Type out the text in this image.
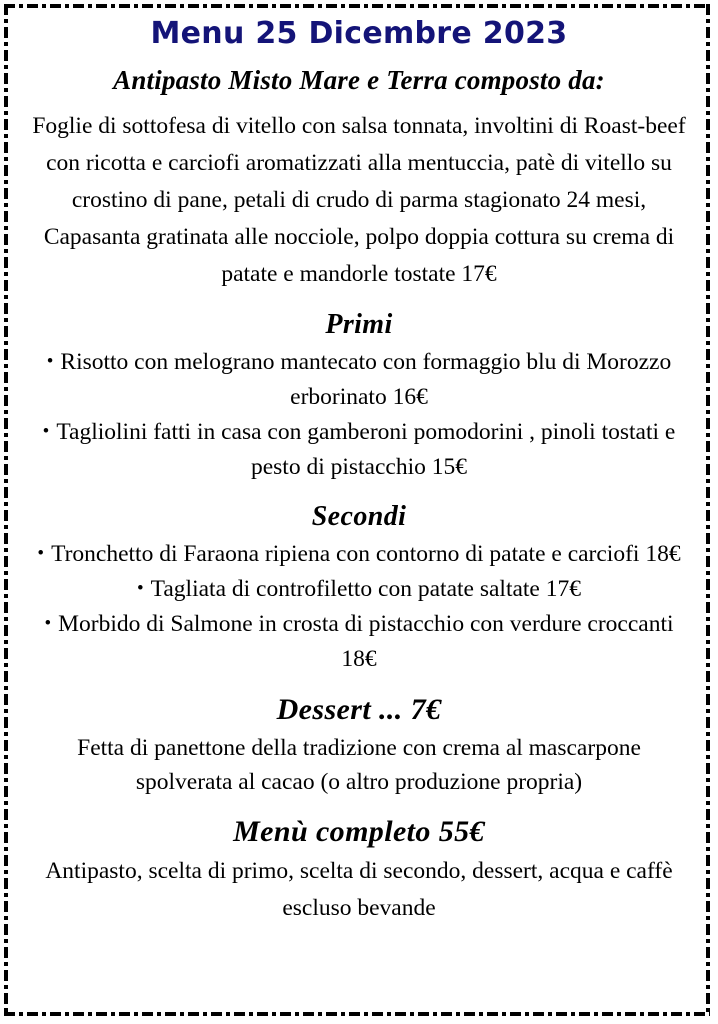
Menu 25 Dicembre 2023
Antipasto Misto Mare e Terra composto da:

Foglie di sottofesa di vitello con salsa tonnata, involtini di Roast-beef con ricotta e carciofi aromatizzati alla mentuccia, patè di vitello su crostino di pane, petali di crudo di parma stagionato 24 mesi, Capasanta gratinata alle nocciole, polpo doppia cottura su crema di patate e mandorle tostate 17€

Primi
• Risotto con melograno mantecato con formaggio blu di Morozzo erborinato 16€
• Tagliolini fatti in casa con gamberoni pomodorini , pinoli tostati e pesto di pistacchio 15€
Secondi
• Tronchetto di Faraona ripiena con contorno di patate e carciofi 18€
• Tagliata di controfiletto con patate saltate 17€
• Morbido di Salmone in crosta di pistacchio con verdure croccanti 18€
Dessert ... 7€

Fetta di panettone della tradizione con crema al mascarpone spolverata al cacao (o altro produzione propria)

Menù completo 55€

Antipasto, scelta di primo, scelta di secondo, dessert, acqua e caffè escluso bevande
